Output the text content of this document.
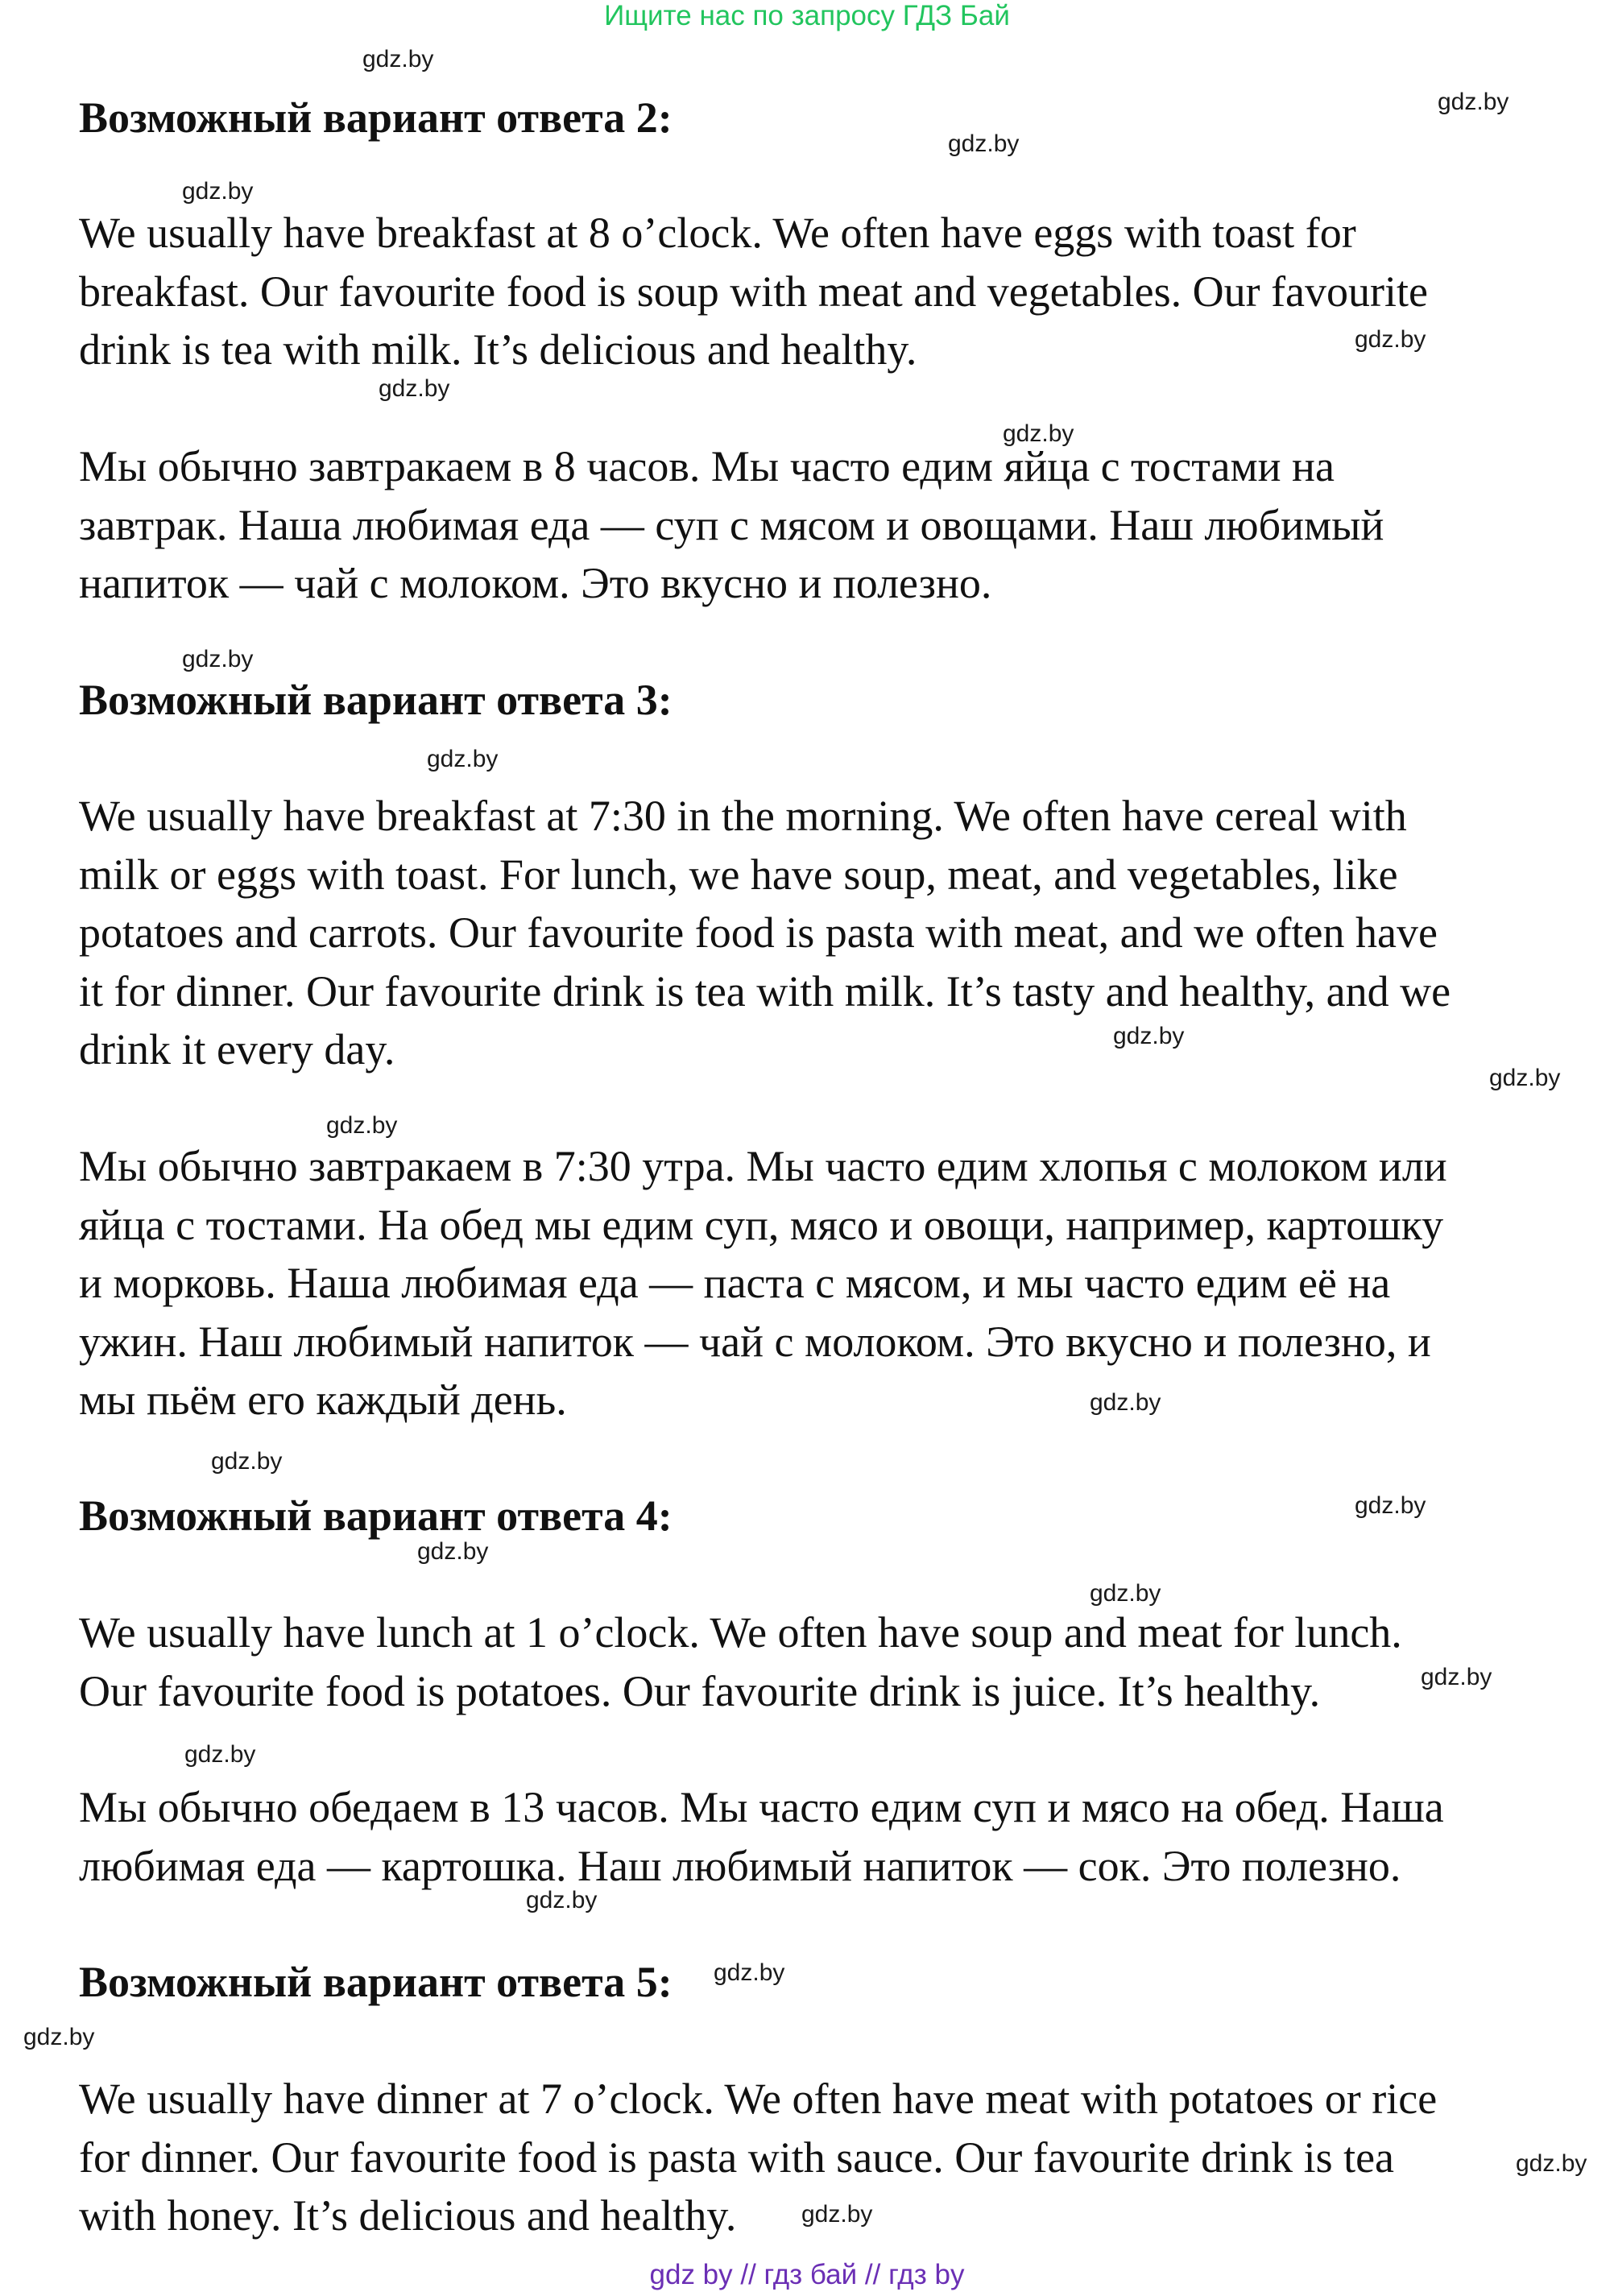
Ищите нас по запросу ГДЗ Бай
Возможный вариант ответа 2:
We usually have breakfast at 8 o’clock. We often have eggs with toast for
breakfast. Our favourite food is soup with meat and vegetables. Our favourite
drink is tea with milk. It’s delicious and healthy.
Мы обычно завтракаем в 8 часов. Мы часто едим яйца с тостами на
завтрак. Наша любимая еда — суп с мясом и овощами. Наш любимый
напиток — чай с молоком. Это вкусно и полезно.
Возможный вариант ответа 3:
We usually have breakfast at 7:30 in the morning. We often have cereal with
milk or eggs with toast. For lunch, we have soup, meat, and vegetables, like
potatoes and carrots. Our favourite food is pasta with meat, and we often have
it for dinner. Our favourite drink is tea with milk. It’s tasty and healthy, and we
drink it every day.
Мы обычно завтракаем в 7:30 утра. Мы часто едим хлопья с молоком или
яйца с тостами. На обед мы едим суп, мясо и овощи, например, картошку
и морковь. Наша любимая еда — паста с мясом, и мы часто едим её на
ужин. Наш любимый напиток — чай с молоком. Это вкусно и полезно, и
мы пьём его каждый день.
Возможный вариант ответа 4:
We usually have lunch at 1 o’clock. We often have soup and meat for lunch.
Our favourite food is potatoes. Our favourite drink is juice. It’s healthy.
Мы обычно обедаем в 13 часов. Мы часто едим суп и мясо на обед. Наша
любимая еда — картошка. Наш любимый напиток — сок. Это полезно.
Возможный вариант ответа 5:
We usually have dinner at 7 o’clock. We often have meat with potatoes or rice
for dinner. Our favourite food is pasta with sauce. Our favourite drink is tea
with honey. It’s delicious and healthy.
gdz.by
gdz.by
gdz.by
gdz.by
gdz.by
gdz.by
gdz.by
gdz.by
gdz.by
gdz.by
gdz.by
gdz.by
gdz.by
gdz.by
gdz.by
gdz.by
gdz.by
gdz.by
gdz.by
gdz.by
gdz.by
gdz.by
gdz.by
gdz.by
gdz by // гдз бай // гдз by
